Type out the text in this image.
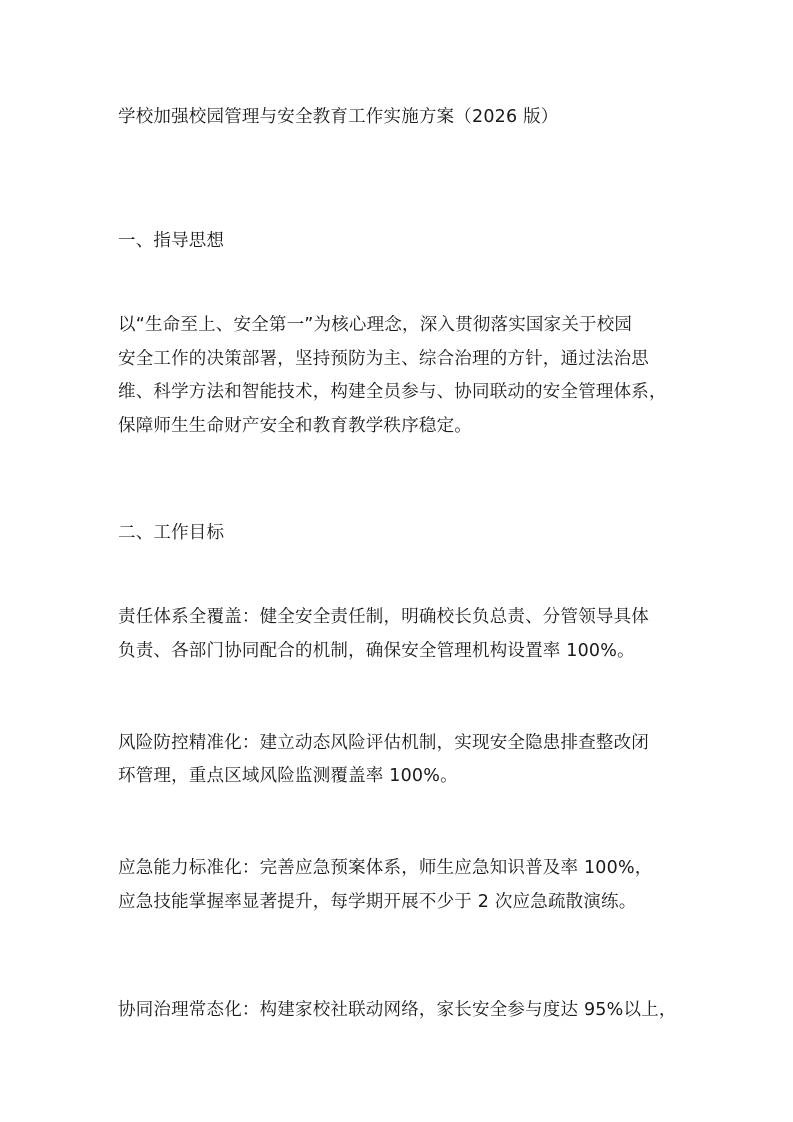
学校加强校园管理与安全教育工作实施方案（2026 版）
一、指导思想
以“生命至上、安全第一”为核心理念，深入贯彻落实国家关于校园
安全工作的决策部署，坚持预防为主、综合治理的方针，通过法治思
维、科学方法和智能技术，构建全员参与、协同联动的安全管理体系，
保障师生生命财产安全和教育教学秩序稳定。
二、工作目标
责任体系全覆盖：健全安全责任制，明确校长负总责、分管领导具体
负责、各部门协同配合的机制，确保安全管理机构设置率 100%。
风险防控精准化：建立动态风险评估机制，实现安全隐患排查整改闭
环管理，重点区域风险监测覆盖率 100%。
应急能力标准化：完善应急预案体系，师生应急知识普及率 100%，
应急技能掌握率显著提升，每学期开展不少于 2 次应急疏散演练。
协同治理常态化：构建家校社联动网络，家长安全参与度达 95%以上，
